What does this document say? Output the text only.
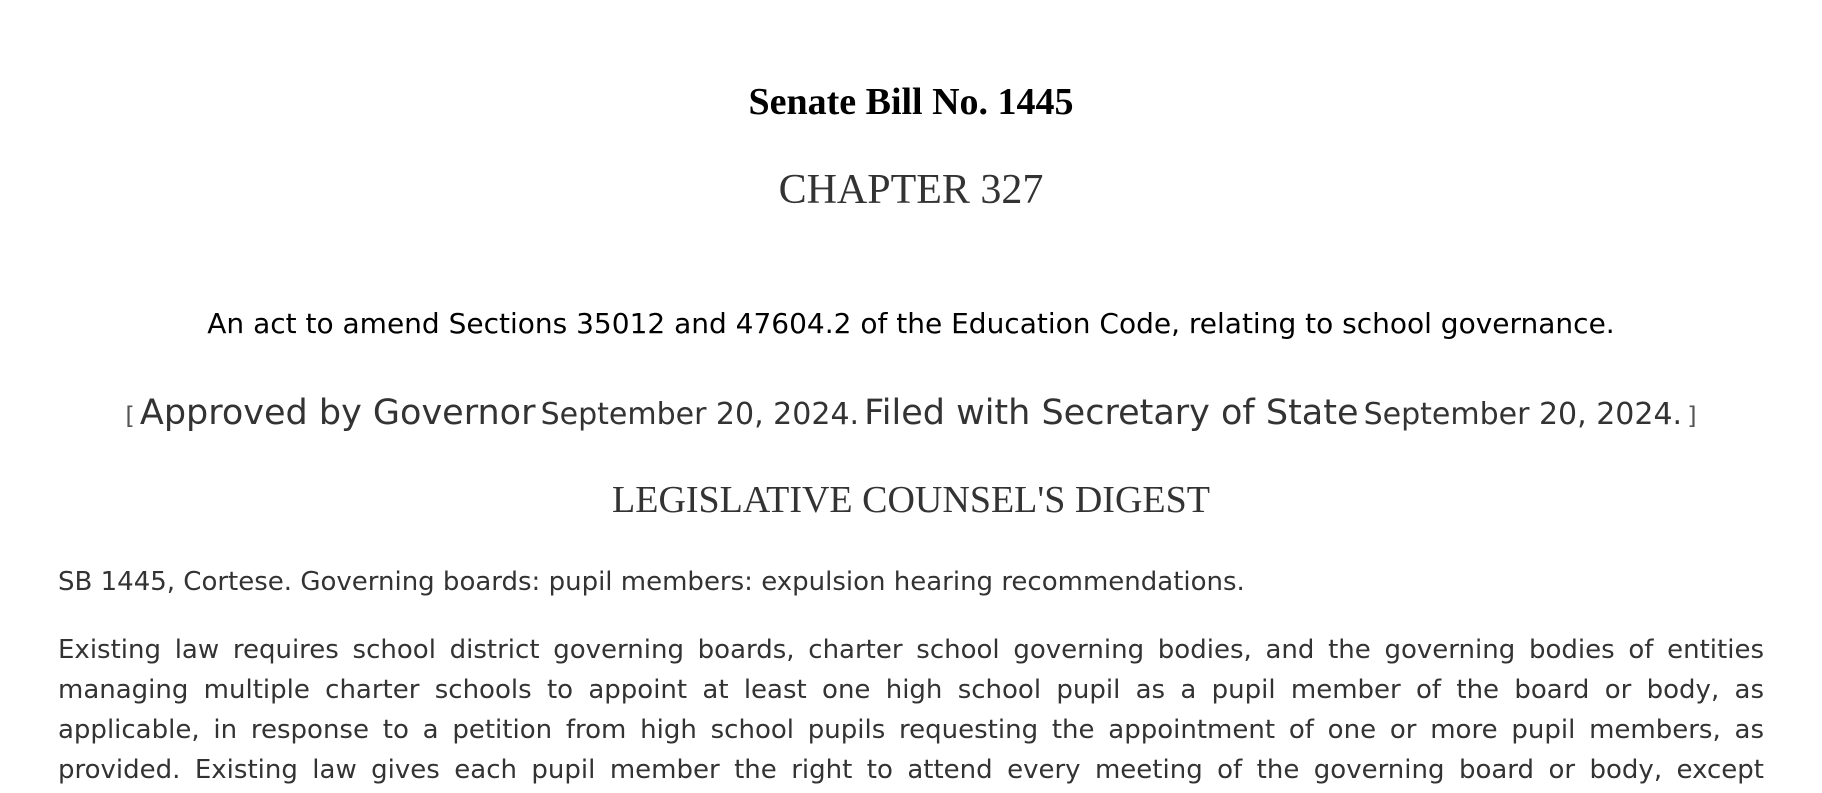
Senate Bill No. 1445
CHAPTER 327
An act to amend Sections 35012 and 47604.2 of the Education Code, relating to school governance.
[ Approved by Governor September 20, 2024. Filed with Secretary of State September 20, 2024. ]
LEGISLATIVE COUNSEL'S DIGEST
SB 1445, Cortese. Governing boards: pupil members: expulsion hearing recommendations.
Existing law requires school district governing boards, charter school governing bodies, and the governing bodies of entities
managing multiple charter schools to appoint at least one high school pupil as a pupil member of the board or body, as
applicable, in response to a petition from high school pupils requesting the appointment of one or more pupil members, as
provided. Existing law gives each pupil member the right to attend every meeting of the governing board or body, except
